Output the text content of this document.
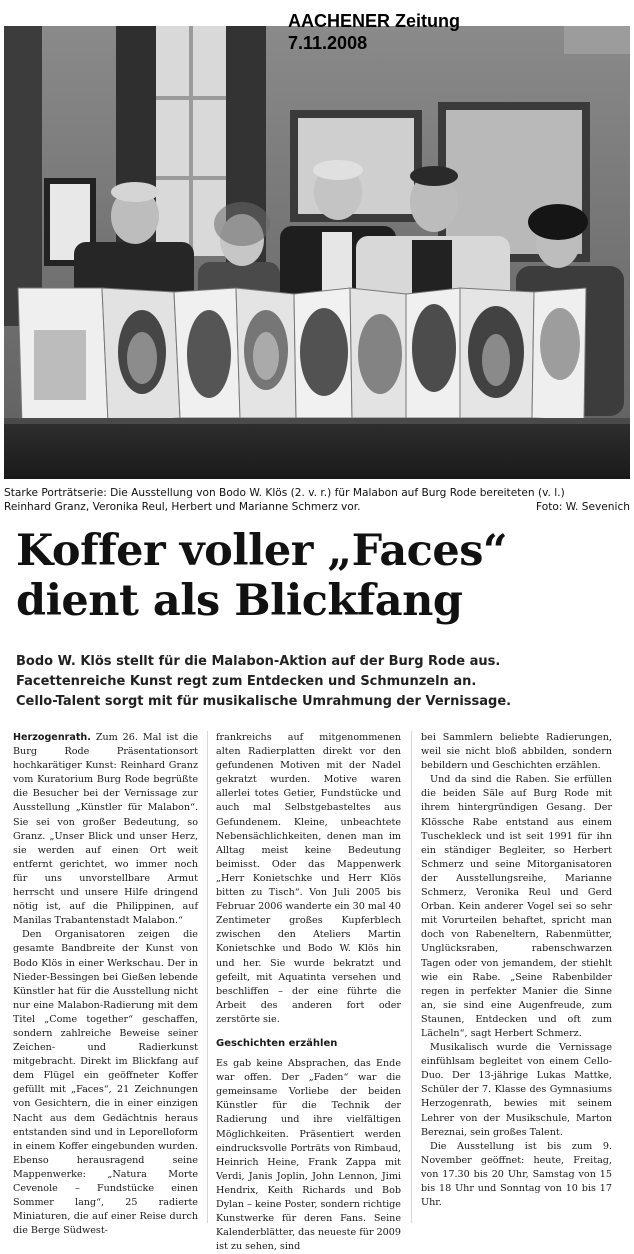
AACHENER Zeitung
7.11.2008
Starke Porträtserie: Die Ausstellung von Bodo W. Klös (2. v. r.) für Malabon auf Burg Rode bereiteten (v. l.)
Reinhard Granz, Veronika Reul, Herbert und Marianne Schmerz vor.	Foto: W. Sevenich
Koffer voller „Faces“
dient als Blickfang
Bodo W. Klös stellt für die Malabon-Aktion auf der Burg Rode aus.
Facettenreiche Kunst regt zum Entdecken und Schmunzeln an.
Cello-Talent sorgt mit für musikalische Umrahmung der Vernissage.

Herzogenrath. Zum 26. Mal ist die Burg Rode Präsentationsort hochkarätiger Kunst: Reinhard Granz vom Kuratorium Burg Rode begrüßte die Besucher bei der Vernissage zur Ausstellung „Künstler für Malabon“. Sie sei von großer Bedeutung, so Granz. „Unser Blick und unser Herz, sie werden auf einen Ort weit entfernt gerichtet, wo immer noch für uns unvorstellbare Armut herrscht und unsere Hilfe dringend nötig ist, auf die Philippinen, auf Manilas Trabantenstadt Malabon.“

Den Organisatoren zeigen die gesamte Bandbreite der Kunst von Bodo Klös in einer Werkschau. Der in Nieder-Bessingen bei Gießen lebende Künstler hat für die Ausstellung nicht nur eine Malabon-Radierung mit dem Titel „Come together“ geschaffen, sondern zahlreiche Beweise seiner Zeichen- und Radierkunst mitgebracht. Direkt im Blickfang auf dem Flügel ein geöffneter Koffer gefüllt mit „Faces“, 21 Zeichnungen von Gesichtern, die in einer einzigen Nacht aus dem Gedächtnis heraus entstanden sind und in Leporelloform in einem Koffer eingebunden wurden. Ebenso herausragend seine Mappenwerke: „Natura Morte Cevenole – Fundstücke einen Sommer lang“, 25 radierte Miniaturen, die auf einer Reise durch die Berge Südwest-

frankreichs auf mitgenommenen alten Radierplatten direkt vor den gefundenen Motiven mit der Nadel gekratzt wurden. Motive waren allerlei totes Getier, Fundstücke und auch mal Selbstgebasteltes aus Gefundenem. Kleine, unbeachtete Nebensächlichkeiten, denen man im Alltag meist keine Bedeutung beimisst. Oder das Mappenwerk „Herr Konietschke und Herr Klös bitten zu Tisch“. Von Juli 2005 bis Februar 2006 wanderte ein 30 mal 40 Zentimeter großes Kupferblech zwischen den Ateliers Martin Konietschke und Bodo W. Klös hin und her. Sie wurde bekratzt und gefeilt, mit Aquatinta versehen und beschliffen – der eine führte die Arbeit des anderen fort oder zerstörte sie.

Geschichten erzählen

Es gab keine Absprachen, das Ende war offen. Der „Faden“ war die gemeinsame Vorliebe der beiden Künstler für die Technik der Radierung und ihre vielfältigen Möglichkeiten. Präsentiert werden eindrucksvolle Porträts von Rimbaud, Heinrich Heine, Frank Zappa mit Verdi, Janis Joplin, John Lennon, Jimi Hendrix, Keith Richards und Bob Dylan – keine Poster, sondern richtige Kunstwerke für deren Fans. Seine Kalenderblätter, das neueste für 2009 ist zu sehen, sind

bei Sammlern beliebte Radierungen, weil sie nicht bloß abbilden, sondern bebildern und Geschichten erzählen.

Und da sind die Raben. Sie erfüllen die beiden Säle auf Burg Rode mit ihrem hintergründigen Gesang. Der Klössche Rabe entstand aus einem Tuschekleck und ist seit 1991 für ihn ein ständiger Begleiter, so Herbert Schmerz und seine Mitorganisatoren der Ausstellungsreihe, Marianne Schmerz, Veronika Reul und Gerd Orban. Kein anderer Vogel sei so sehr mit Vorurteilen behaftet, spricht man doch von Rabeneltern, Rabenmütter, Unglücksraben, rabenschwarzen Tagen oder von jemandem, der stiehlt wie ein Rabe. „Seine Rabenbilder regen in perfekter Manier die Sinne an, sie sind eine Augenfreude, zum Staunen, Entdecken und oft zum Lächeln“, sagt Herbert Schmerz.

Musikalisch wurde die Vernissage einfühlsam begleitet von einem Cello-Duo. Der 13-jährige Lukas Mattke, Schüler der 7. Klasse des Gymnasiums Herzogenrath, bewies mit seinem Lehrer von der Musikschule, Marton Bereznai, sein großes Talent.

Die Ausstellung ist bis zum 9. November geöffnet: heute, Freitag, von 17.30 bis 20 Uhr, Samstag von 15 bis 18 Uhr und Sonntag von 10 bis 17 Uhr.
